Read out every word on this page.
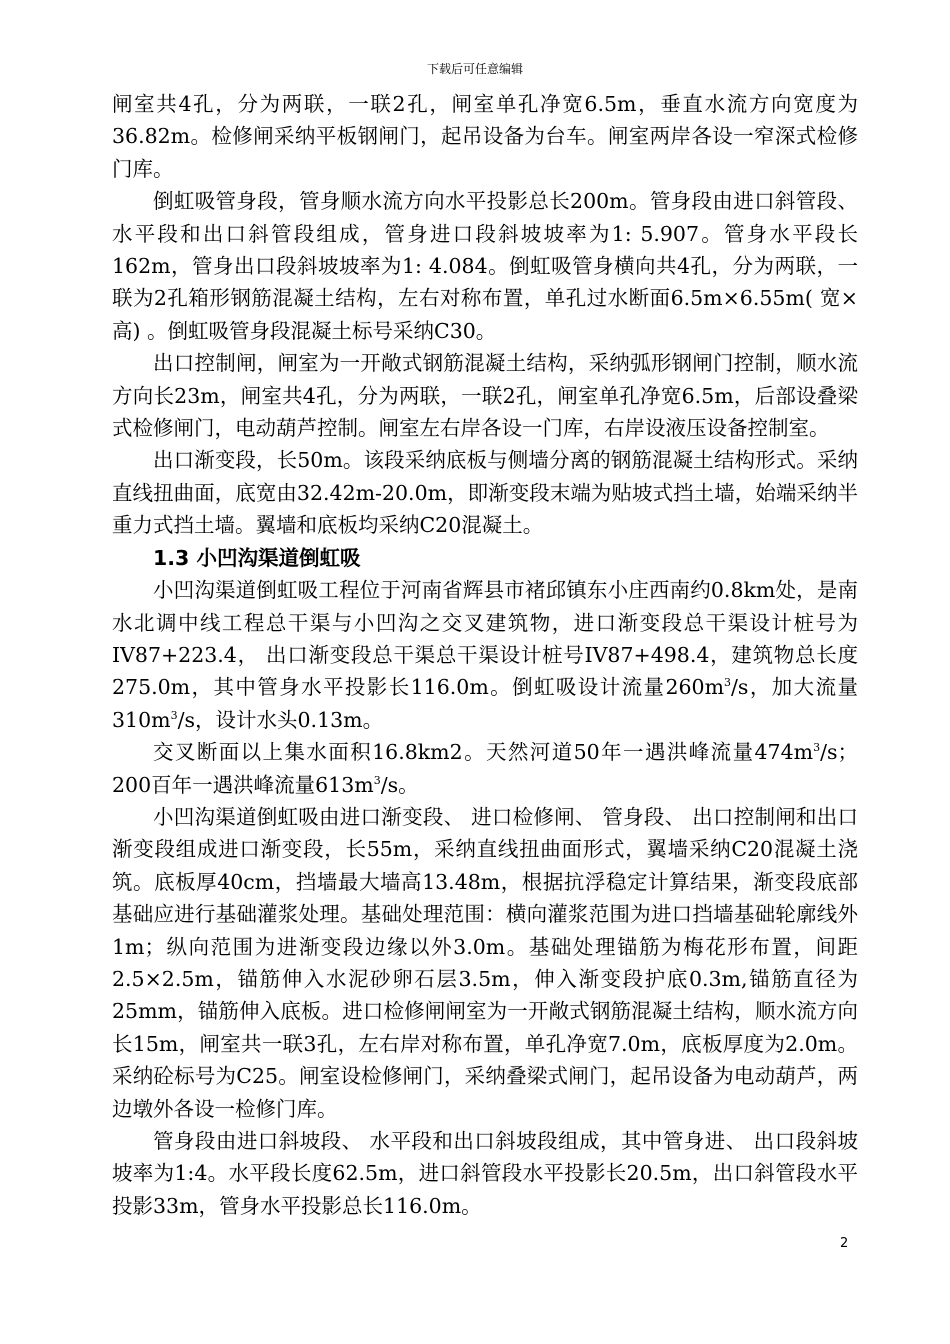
下载后可任意编辑

闸室共4孔，分为两联，一联2孔，闸室单孔净宽6.5m，垂直水流方向宽度为36.82m。检修闸采纳平板钢闸门，起吊设备为台车。闸室两岸各设一窄深式检修门库。

倒虹吸管身段，管身顺水流方向水平投影总长200m。管身段由进口斜管段、 水平段和出口斜管段组成，管身进口段斜坡坡率为1: 5.907。管身水平段长162m，管身出口段斜坡坡率为1: 4.084。倒虹吸管身横向共4孔，分为两联，一联为2孔箱形钢筋混凝土结构，左右对称布置，单孔过水断面6.5m×6.55m( 宽×高) 。倒虹吸管身段混凝土标号采纳C30。

出口控制闸，闸室为一开敞式钢筋混凝土结构，采纳弧形钢闸门控制，顺水流方向长23m，闸室共4孔，分为两联，一联2孔，闸室单孔净宽6.5m，后部设叠梁式检修闸门，电动葫芦控制。闸室左右岸各设一门库，右岸设液压设备控制室。

出口渐变段，长50m。该段采纳底板与侧墙分离的钢筋混凝土结构形式。采纳直线扭曲面，底宽由32.42m-20.0m，即渐变段末端为贴坡式挡土墙，始端采纳半重力式挡土墙。翼墙和底板均采纳C20混凝土。

1.3 小凹沟渠道倒虹吸

小凹沟渠道倒虹吸工程位于河南省辉县市褚邱镇东小庄西南约0.8km处，是南水北调中线工程总干渠与小凹沟之交叉建筑物，进口渐变段总干渠设计桩号为IV87+223.4， 出口渐变段总干渠总干渠设计桩号IV87+498.4，建筑物总长度275.0m，其中管身水平投影长116.0m。倒虹吸设计流量$260m^3/s$，加大流量$310m^3/s$，设计水头0.13m。

交叉断面以上集水面积16.8km2。天然河道50年一遇洪峰流量$474m^3/s$；200百年一遇洪峰流量$613m^3/s$。

小凹沟渠道倒虹吸由进口渐变段、 进口检修闸、 管身段、 出口控制闸和出口渐变段组成进口渐变段，长55m，采纳直线扭曲面形式，翼墙采纳C20混凝土浇筑。底板厚40cm，挡墙最大墙高13.48m，根据抗浮稳定计算结果，渐变段底部基础应进行基础灌浆处理。基础处理范围：横向灌浆范围为进口挡墙基础轮廓线外1m；纵向范围为进渐变段边缘以外3.0m。基础处理锚筋为梅花形布置，间距2.5×2.5m，锚筋伸入水泥砂卵石层3.5m，伸入渐变段护底0.3m,锚筋直径为25mm，锚筋伸入底板。进口检修闸闸室为一开敞式钢筋混凝土结构，顺水流方向长15m，闸室共一联3孔，左右岸对称布置，单孔净宽7.0m，底板厚度为2.0m。采纳砼标号为C25。闸室设检修闸门，采纳叠梁式闸门，起吊设备为电动葫芦，两边墩外各设一检修门库。

管身段由进口斜坡段、 水平段和出口斜坡段组成，其中管身进、 出口段斜坡坡率为1:4。水平段长度62.5m，进口斜管段水平投影长20.5m，出口斜管段水平投影33m，管身水平投影总长116.0m。

2
